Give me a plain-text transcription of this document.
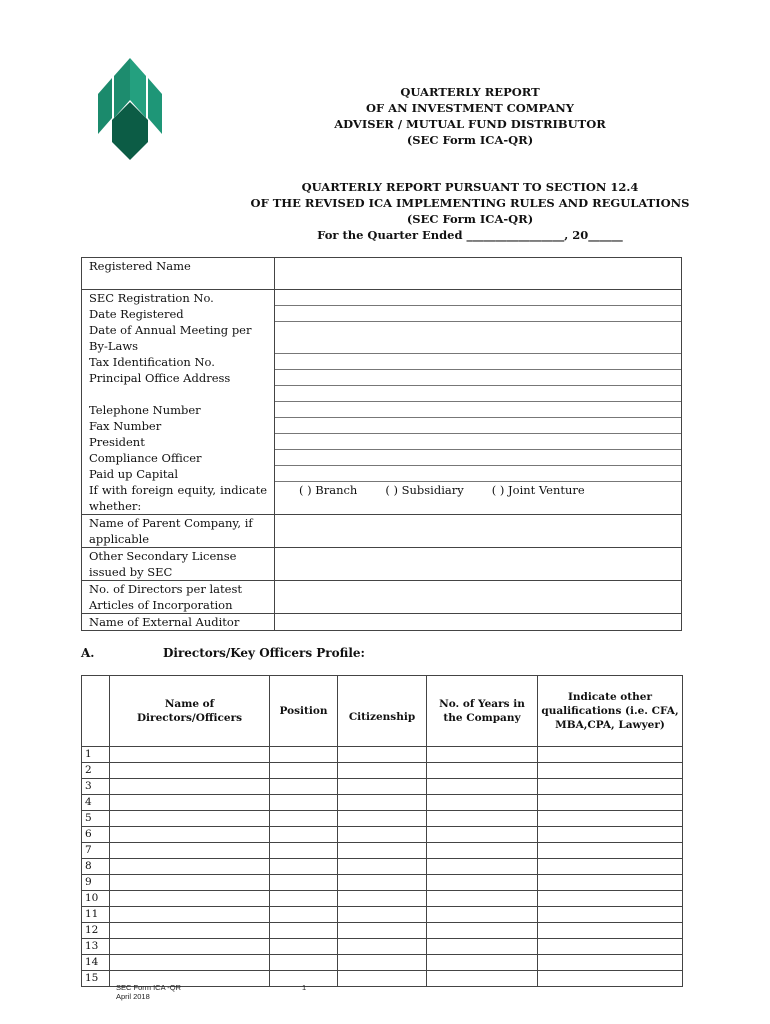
QUARTERLY REPORT
OF AN INVESTMENT COMPANY
ADVISER / MUTUAL FUND DISTRIBUTOR
(SEC Form ICA-QR)
QUARTERLY REPORT PURSUANT TO SECTION 12.4
OF THE REVISED ICA IMPLEMENTING RULES AND REGULATIONS
(SEC Form ICA-QR)
For the Quarter Ended _________________, 20______
Registered Name	
SEC Registration No.	

Date Registered	

Date of Annual Meeting per By-Laws	

Tax Identification No.	

Principal Office Address	

Telephone Number	

Fax Number	

President	

Compliance Officer	

Paid up Capital	

If with foreign equity, indicate whether:	( ) Branch ( ) Subsidiary ( ) Joint Venture

Name of Parent Company, if applicable	
Other Secondary License issued by SEC	
No. of Directors per latest Articles of Incorporation	
Name of External Auditor	
A.	Directors/Key Officers Profile:
	Name of Directors/Officers	Position	Citizenship	No. of Years in the Company	Indicate other qualifications (i.e. CFA, MBA,CPA, Lawyer)
1					
2					
3					
4					
5					
6					
7					
8					
9					
10					
11					
12					
13					
14					
15					
SEC Form ICA -QR
April 2018
1
